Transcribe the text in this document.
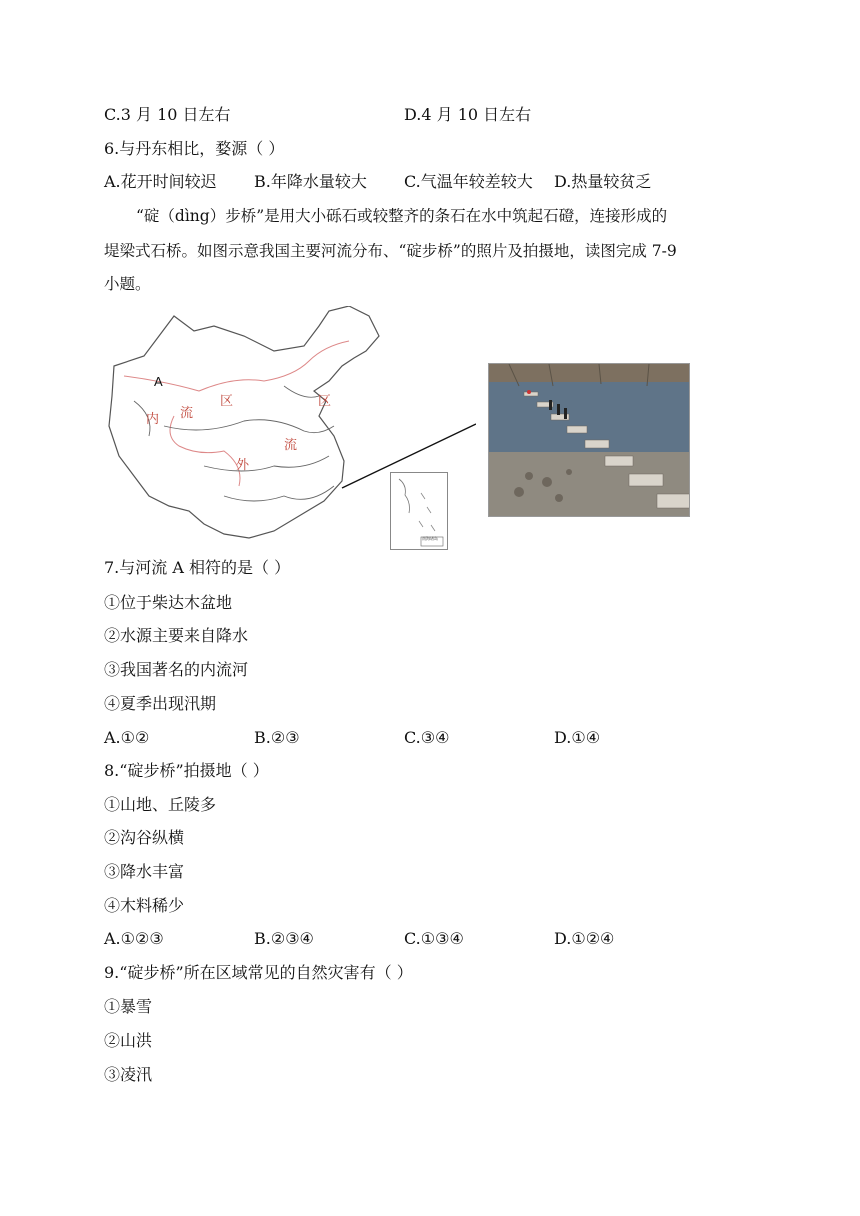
C.3 月 10 日左右	D.4 月 10 日左右
6.与丹东相比，婺源（ ）
A.花开时间较迟 B.年降水量较大 C.气温年较差较大 D.热量较贫乏
“碇（dìng）步桥”是用大小砾石或较整齐的条石在水中筑起石磴，连接形成的
堤梁式石桥。如图示意我国主要河流分布、“碇步桥”的照片及拍摄地，读图完成 7-9
小题。
A
内 流
区
外
流
区
南海诸岛
7.与河流 A 相符的是（ ）
①位于柴达木盆地
②水源主要来自降水
③我国著名的内流河
④夏季出现汛期
A.①②	B.②③	C.③④	D.①④
8.“碇步桥”拍摄地（ ）
①山地、丘陵多
②沟谷纵横
③降水丰富
④木料稀少
A.①②③	B.②③④	C.①③④	D.①②④
9.“碇步桥”所在区域常见的自然灾害有（ ）
①暴雪
②山洪
③凌汛
